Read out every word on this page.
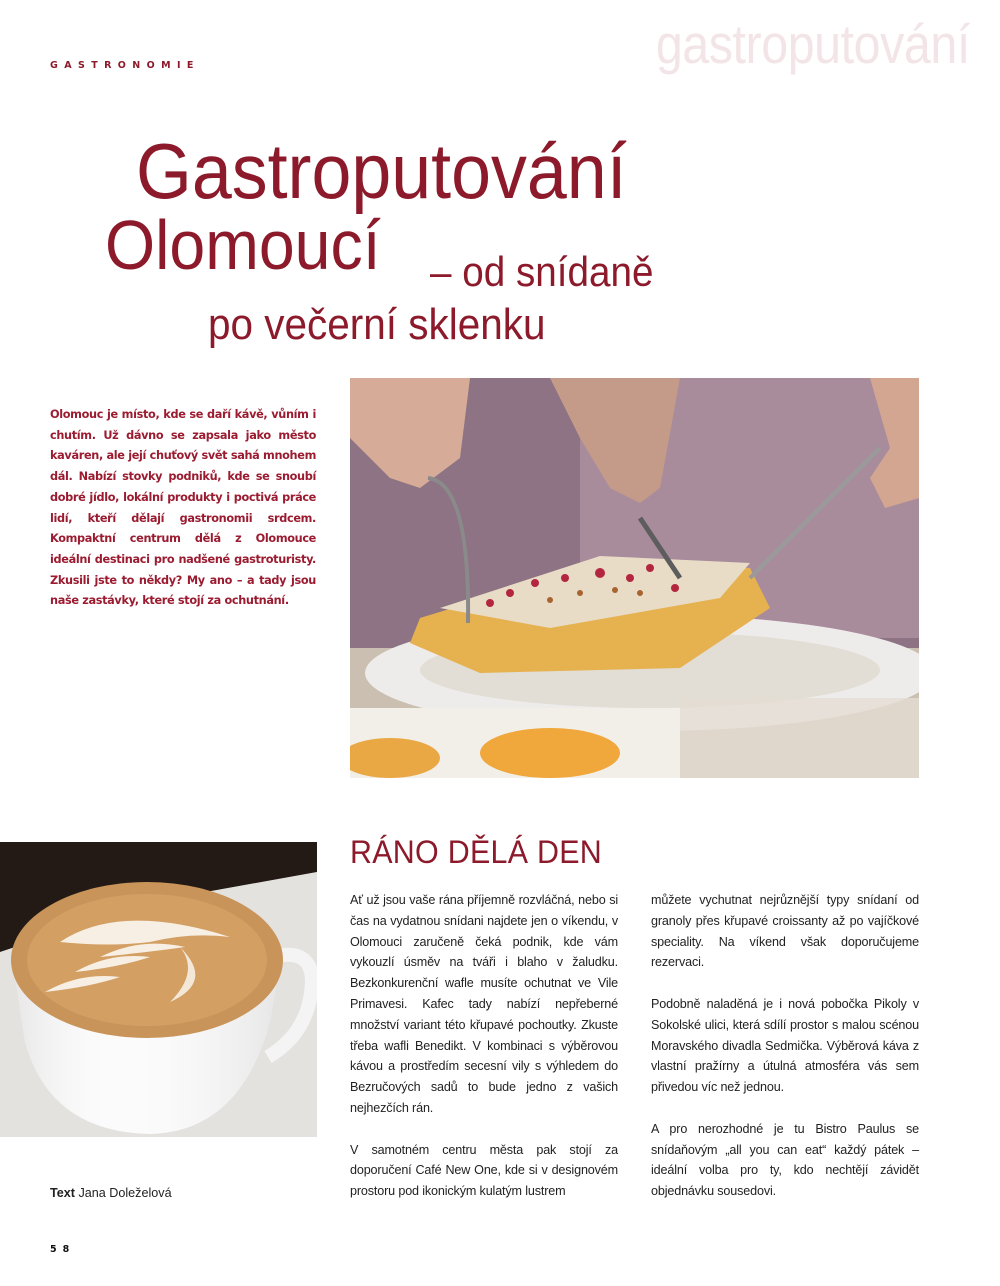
GASTRONOMIE	gastroputování
Gastroputování
Olomoucí – od snídaně
po večerní sklenku
Olomouc je místo, kde se daří kávě, vůním i chutím. Už dávno se zapsala jako město kaváren, ale její chuťový svět sahá mnohem dál. Nabízí stovky podniků, kde se snoubí dobré jídlo, lokální produkty i poctivá práce lidí, kteří dělají gastronomii srdcem. Kompaktní centrum dělá z Olomouce ideální destinaci pro nadšené gastroturisty. Zkusili jste to někdy? My ano – a tady jsou naše zastávky, které stojí za ochutnání.
RÁNO DĚLÁ DEN

Ať už jsou vaše rána příjemně rozvláčná, nebo si čas na vydatnou snídani najdete jen o víkendu, v Olomouci zaručeně čeká podnik, kde vám vykouzlí úsměv na tváři i blaho v žaludku. Bezkonkurenční wafle musíte ochutnat ve Vile Primavesi. Kafec tady nabízí nepřeberné množství variant této křupavé pochoutky. Zkuste třeba wafli Benedikt. V kombinaci s výběrovou kávou a prostředím secesní vily s výhledem do Bezručových sadů to bude jedno z vašich nejhezčích rán.

V samotném centru města pak stojí za doporučení Café New One, kde si v designovém prostoru pod ikonickým kulatým lustrem

můžete vychutnat nejrůznější typy snídaní od granoly přes křupavé croissanty až po vajíčkové speciality. Na víkend však doporučujeme rezervaci.

Podobně naladěná je i nová pobočka Pikoly v Sokolské ulici, která sdílí prostor s malou scénou Moravského divadla Sedmička. Výběrová káva z vlastní pražírny a útulná atmosféra vás sem přivedou víc než jednou.

A pro nerozhodné je tu Bistro Paulus se snídaňovým „all you can eat“ každý pátek – ideální volba pro ty, kdo nechtějí závidět objednávku sousedovi.

Text Jana Doleželová
58
